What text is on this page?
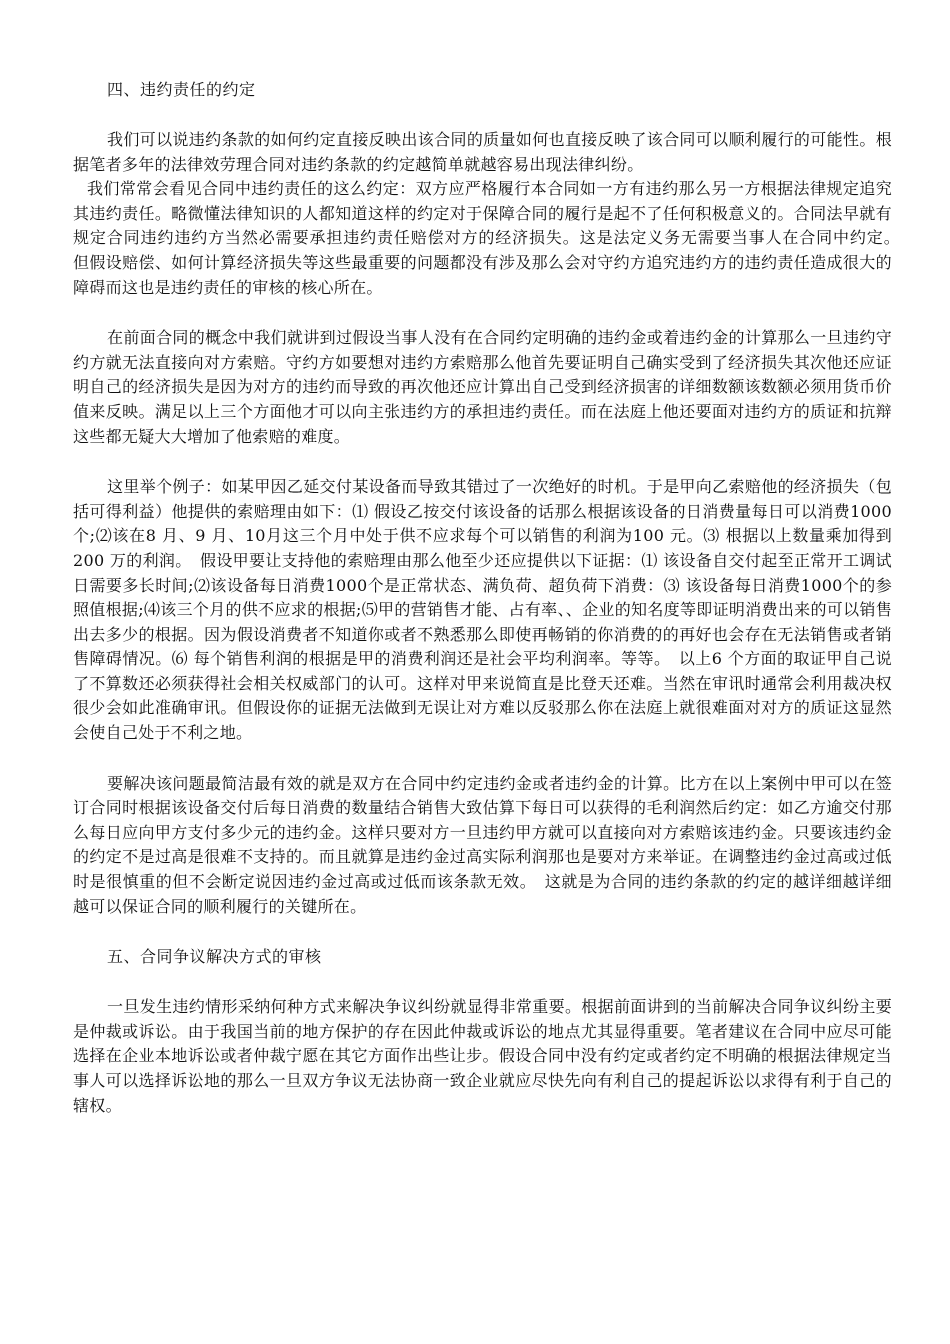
四、违约责任的约定

我们可以说违约条款的如何约定直接反映出该合同的质量如何也直接反映了该合同可以顺利履行的可能性。根据笔者多年的法律效劳理合同对违约条款的约定越简单就越容易出现法律纠纷。

我们常常会看见合同中违约责任的这么约定：双方应严格履行本合同如一方有违约那么另一方根据法律规定追究其违约责任。略微懂法律知识的人都知道这样的约定对于保障合同的履行是起不了任何积极意义的。合同法早就有规定合同违约违约方当然必需要承担违约责任赔偿对方的经济损失。这是法定义务无需要当事人在合同中约定。　但假设赔偿、如何计算经济损失等这些最重要的问题都没有涉及那么会对守约方追究违约方的违约责任造成很大的障碍而这也是违约责任的审核的核心所在。

在前面合同的概念中我们就讲到过假设当事人没有在合同约定明确的违约金或着违约金的计算那么一旦违约守约方就无法直接向对方索赔。守约方如要想对违约方索赔那么他首先要证明自己确实受到了经济损失其次他还应证明自己的经济损失是因为对方的违约而导致的再次他还应计算出自己受到经济损害的详细数额该数额必须用货币价值来反映。满足以上三个方面他才可以向主张违约方的承担违约责任。而在法庭上他还要面对违约方的质证和抗辩这些都无疑大大增加了他索赔的难度。

这里举个例子：如某甲因乙延交付某设备而导致其错过了一次绝好的时机。于是甲向乙索赔他的经济损失（包括可得利益）他提供的索赔理由如下：⑴ 假设乙按交付该设备的话那么根据该设备的日消费量每日可以消费1000个;⑵该在8 月、9 月、10月这三个月中处于供不应求每个可以销售的利润为100 元。⑶ 根据以上数量乘加得到200 万的利润。　假设甲要让支持他的索赔理由那么他至少还应提供以下证据：⑴ 该设备自交付起至正常开工调试日需要多长时间;⑵该设备每日消费1000个是正常状态、满负荷、超负荷下消费：⑶ 该设备每日消费1000个的参照值根据;⑷该三个月的供不应求的根据;⑸甲的营销售才能、占有率、、企业的知名度等即证明消费出来的可以销售出去多少的根据。因为假设消费者不知道你或者不熟悉那么即使再畅销的你消费的的再好也会存在无法销售或者销售障碍情况。⑹ 每个销售利润的根据是甲的消费利润还是社会平均利润率。等等。　以上6 个方面的取证甲自己说了不算数还必须获得社会相关权威部门的认可。这样对甲来说简直是比登天还难。当然在审讯时通常会利用裁决权很少会如此准确审讯。但假设你的证据无法做到无误让对方难以反驳那么你在法庭上就很难面对对方的质证这显然会使自己处于不利之地。

要解决该问题最简洁最有效的就是双方在合同中约定违约金或者违约金的计算。比方在以上案例中甲可以在签订合同时根据该设备交付后每日消费的数量结合销售大致估算下每日可以获得的毛利润然后约定：如乙方逾交付那么每日应向甲方支付多少元的违约金。这样只要对方一旦违约甲方就可以直接向对方索赔该违约金。只要该违约金的约定不是过高是很难不支持的。而且就算是违约金过高实际利润那也是要对方来举证。在调整违约金过高或过低时是很慎重的但不会断定说因违约金过高或过低而该条款无效。　这就是为合同的违约条款的约定的越详细越详细越可以保证合同的顺利履行的关键所在。

五、合同争议解决方式的审核

一旦发生违约情形采纳何种方式来解决争议纠纷就显得非常重要。根据前面讲到的当前解决合同争议纠纷主要是仲裁或诉讼。由于我国当前的地方保护的存在因此仲裁或诉讼的地点尤其显得重要。笔者建议在合同中应尽可能选择在企业本地诉讼或者仲裁宁愿在其它方面作出些让步。假设合同中没有约定或者约定不明确的根据法律规定当事人可以选择诉讼地的那么一旦双方争议无法协商一致企业就应尽快先向有利自己的提起诉讼以求得有利于自己的辖权。
